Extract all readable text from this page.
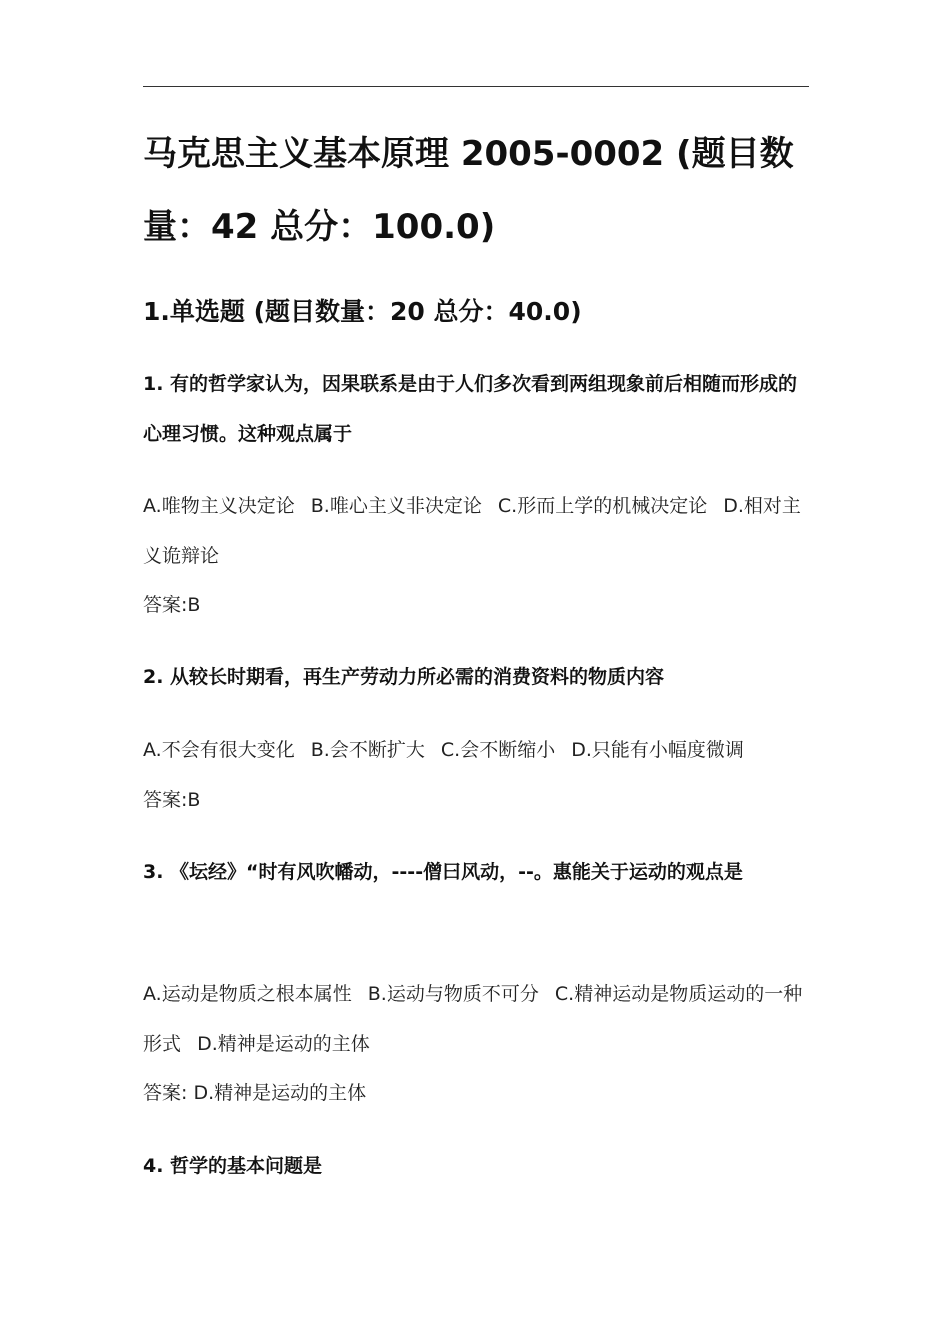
马克思主义基本原理 2005-0002 (题目数量：42 总分：100.0)
1.单选题 (题目数量：20 总分：40.0)

1. 有的哲学家认为，因果联系是由于人们多次看到两组现象前后相随而形成的心理习惯。这种观点属于

A.唯物主义决定论 B.唯心主义非决定论 C.形而上学的机械决定论 D.相对主义诡辩论

答案:B

2. 从较长时期看，再生产劳动力所必需的消费资料的物质内容

A.不会有很大变化 B.会不断扩大 C.会不断缩小 D.只能有小幅度微调

答案:B

3. 《坛经》“时有风吹幡动，----僧曰风动，--。惠能关于运动的观点是

A.运动是物质之根本属性 B.运动与物质不可分 C.精神运动是物质运动的一种形式 D.精神是运动的主体

答案: D.精神是运动的主体

4. 哲学的基本问题是
